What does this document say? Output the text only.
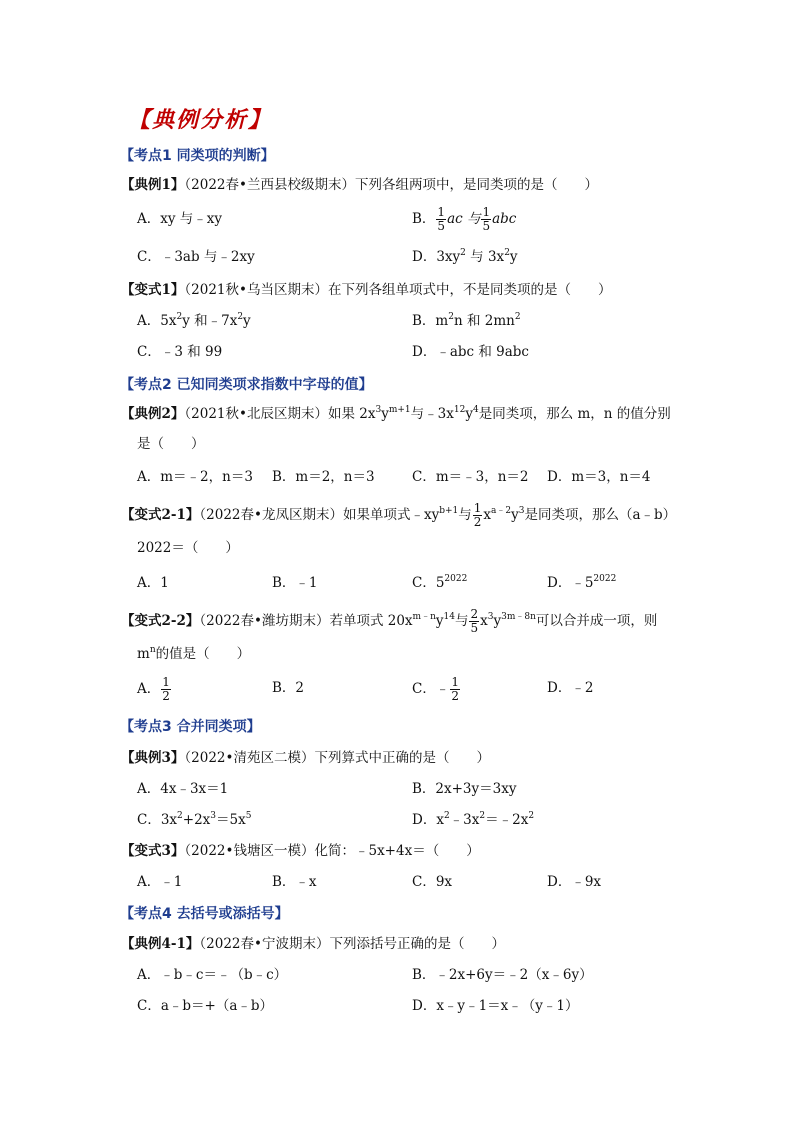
【典例分析】
【考点1 同类项的判断】
【典例1】（2022春•兰西县校级期末）下列各组两项中，是同类项的是（　　）
A．xy 与﹣xy	B． $\frac{1}{5}$ ac 与 $\frac{1}{5}$ abc
C．﹣3ab 与﹣2xy	D．$3xy^2$ 与 $3x^2y$
【变式1】（2021秋•乌当区期末）在下列各组单项式中，不是同类项的是（　　）
A．$5x^2y$ 和$﹣7x^2y$	B．$m^2n$ 和 $2mn^2$
C．﹣3 和 99	D．﹣abc 和 9abc
【考点2 已知同类项求指数中字母的值】
【典例2】（2021秋•北辰区期末）如果 $2x^3y^{m+1}$与$﹣3x^{12}y^4$是同类项，那么 m，n 的值分别
是（　　）
A．m＝﹣2，n＝3 B．m＝2，n＝3	C．m＝﹣3，n＝2 D．m＝3，n＝4
【变式2-1】（2022春•龙凤区期末）如果单项式$﹣xy^{b+1}$与 $\frac{1}{2} x^{a﹣2}y^3$是同类项，那么（a﹣b）
2022＝（　　）
A．1	B．﹣1	C．$5^{2022}$	D．$﹣5^{2022}$
【变式2-2】（2022春•潍坊期末）若单项式 $20x^{m﹣n}y^{14}$与 $\frac{2}{5} x^3y^{3m﹣8n}$可以合并成一项，则
$m^n$的值是（　　）
A． $\frac{1}{2}$	B．2	C．﹣ $\frac{1}{2}$	D．﹣2
【考点3 合并同类项】
【典例3】（2022•清苑区二模）下列算式中正确的是（　　）
A．4x﹣3x＝1	B．2x+3y＝3xy
C．$3x^2+2x^3=5x^5$	D．$x^2﹣3x^2=﹣2x^2$
【变式3】（2022•钱塘区一模）化简：﹣5x+4x＝（　　）
A．﹣1	B．﹣x	C．9x	D．﹣9x
【考点4 去括号或添括号】
【典例4-1】（2022春•宁波期末）下列添括号正确的是（　　）
A．﹣b﹣c＝﹣（b﹣c）	B．﹣2x+6y＝﹣2（x﹣6y）
C．a﹣b＝+（a﹣b）	D．x﹣y﹣1＝x﹣（y﹣1）
